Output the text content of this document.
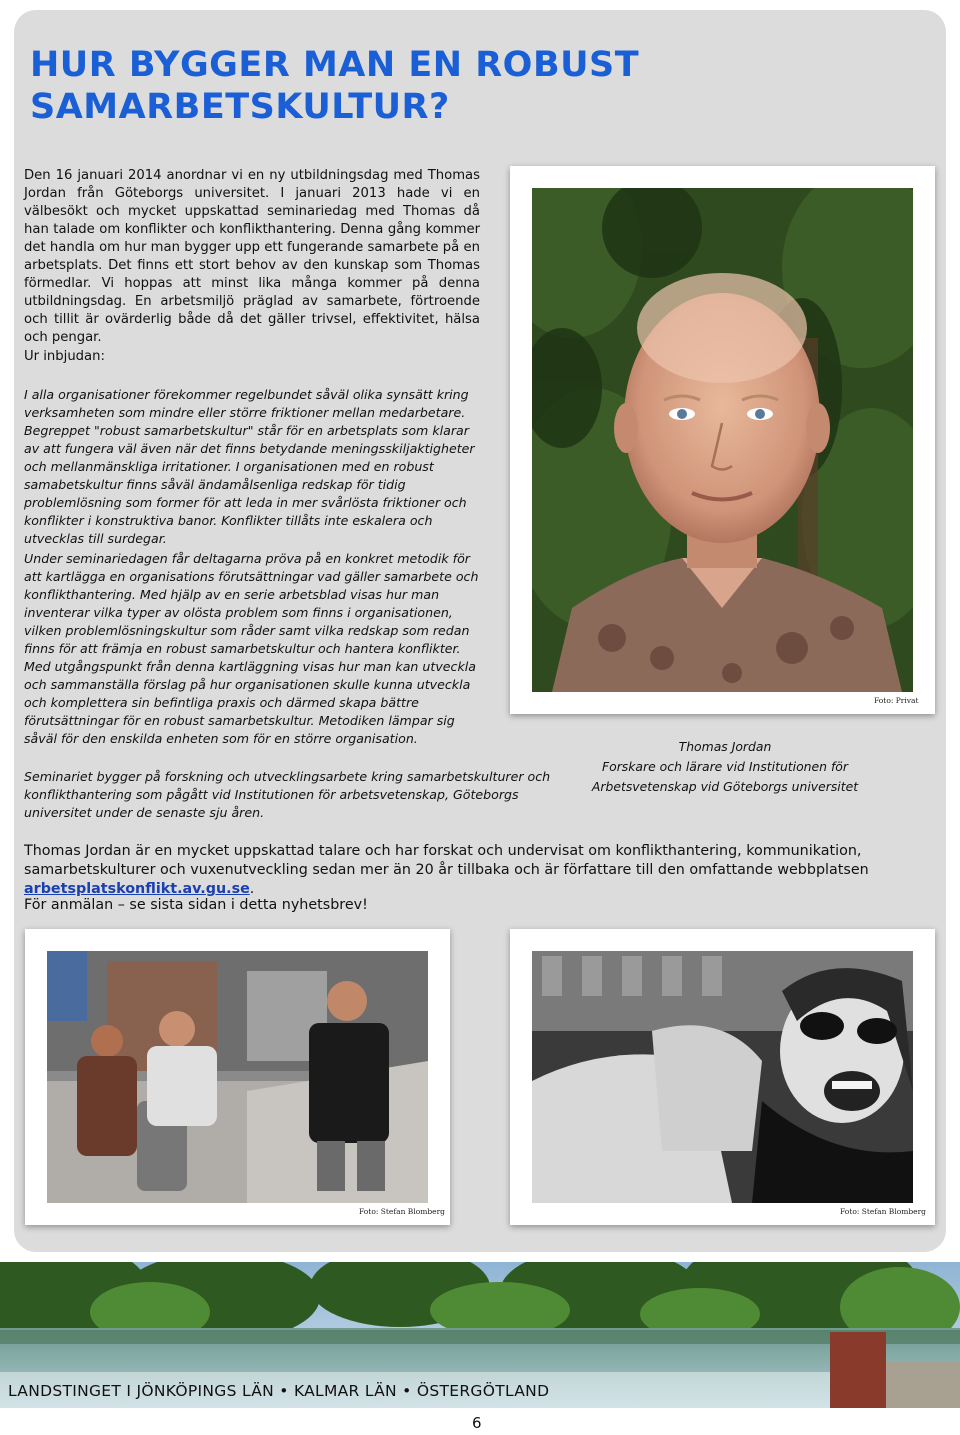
HUR BYGGER MAN EN ROBUST SAMARBETSKULTUR?

Den 16 januari 2014 anordnar vi en ny utbildningsdag med Thomas Jordan från Göteborgs universitet. I januari 2013 hade vi en välbesökt och mycket uppskattad seminariedag med Thomas då han talade om konflikter och konflikthantering. Denna gång kommer det handla om hur man bygger upp ett fungerande samarbete på en arbetsplats. Det finns ett stort behov av den kunskap som Thomas förmedlar. Vi hoppas att minst lika många kommer på denna utbildningsdag. En arbetsmiljö präglad av samarbete, förtroende och tillit är ovärderlig både då det gäller trivsel, effektivitet, hälsa och pengar.

Ur inbjudan:

I alla organisationer förekommer regelbundet såväl olika synsätt kring verksamheten som mindre eller större friktioner mellan medarbetare. Begreppet "robust samarbetskultur" står för en arbetsplats som klarar av att fungera väl även när det finns betydande meningsskiljaktigheter och mellanmänskliga irritationer. I organisationen med en robust samabetskultur finns såväl ändamålsenliga redskap för tidig problemlösning som former för att leda in mer svårlösta friktioner och konflikter i konstruktiva banor. Konflikter tillåts inte eskalera och utvecklas till surdegar.

Under seminariedagen får deltagarna pröva på en konkret metodik för att kartlägga en organisations förutsättningar vad gäller samarbete och konflikthantering. Med hjälp av en serie arbetsblad visas hur man inventerar vilka typer av olösta problem som finns i organisationen, vilken problemlösningskultur som råder samt vilka redskap som redan finns för att främja en robust samarbetskultur och hantera konflikter. Med utgångspunkt från denna kartläggning visas hur man kan utveckla och sammanställa förslag på hur organisationen skulle kunna utveckla och komplettera sin befintliga praxis och därmed skapa bättre förutsättningar för en robust samarbetskultur. Metodiken lämpar sig såväl för den enskilda enheten som för en större organisation.

Seminariet bygger på forskning och utvecklingsarbete kring samarbetskulturer och konflikthantering som pågått vid Institutionen för arbetsvetenskap, Göteborgs universitet under de senaste sju åren.

Foto: Privat
Thomas Jordan
Forskare och lärare vid Institutionen för
Arbetsvetenskap vid Göteborgs universitet

Thomas Jordan är en mycket uppskattad talare och har forskat och undervisat om konflikthantering, kommunikation, samarbetskulturer och vuxenutveckling sedan mer än 20 år tillbaka och är författare till den omfattande webbplatsen arbetsplatskonflikt.av.gu.se.

För anmälan – se sista sidan i detta nyhetsbrev!

Foto: Stefan Blomberg	Foto: Stefan Blomberg

LANDSTINGET I JÖNKÖPINGS LÄN • KALMAR LÄN • ÖSTERGÖTLAND

6
